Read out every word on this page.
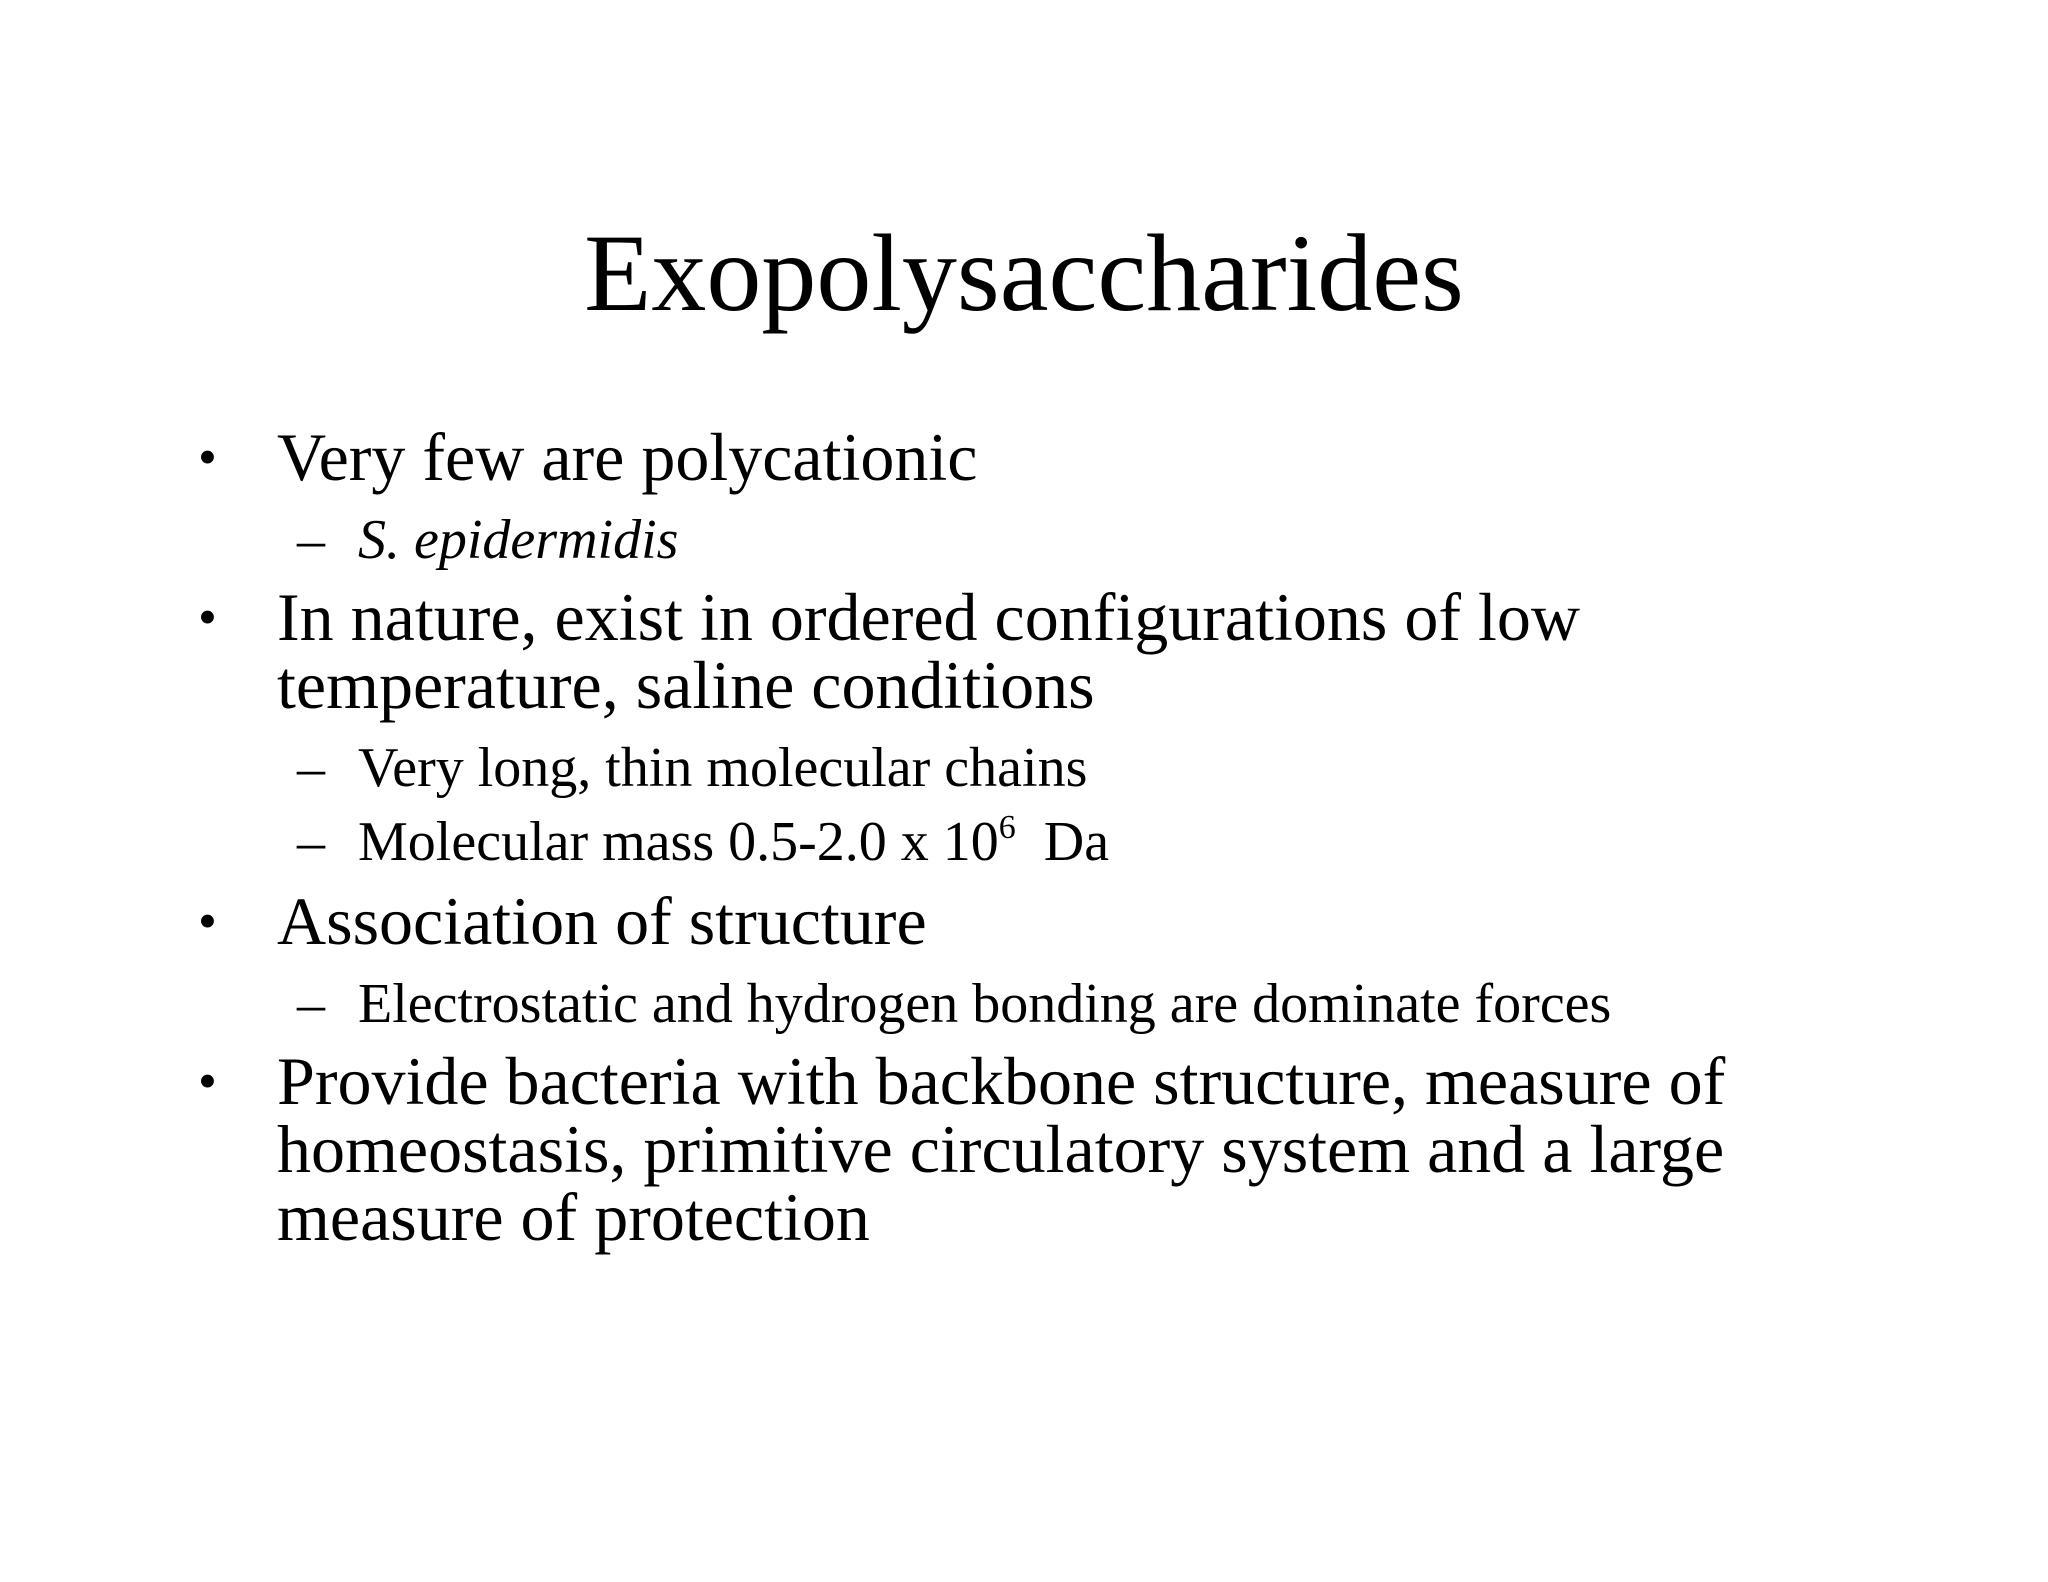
Exopolysaccharides
• Very few are polycationic
– S. epidermidis
• In nature, exist in ordered configurations of low
temperature, saline conditions
– Very long, thin molecular chains
– Molecular mass 0.5-2.0 x $10^6$  Da
• Association of structure
– Electrostatic and hydrogen bonding are dominate forces
• Provide bacteria with backbone structure, measure of
homeostasis, primitive circulatory system and a large
measure of protection
